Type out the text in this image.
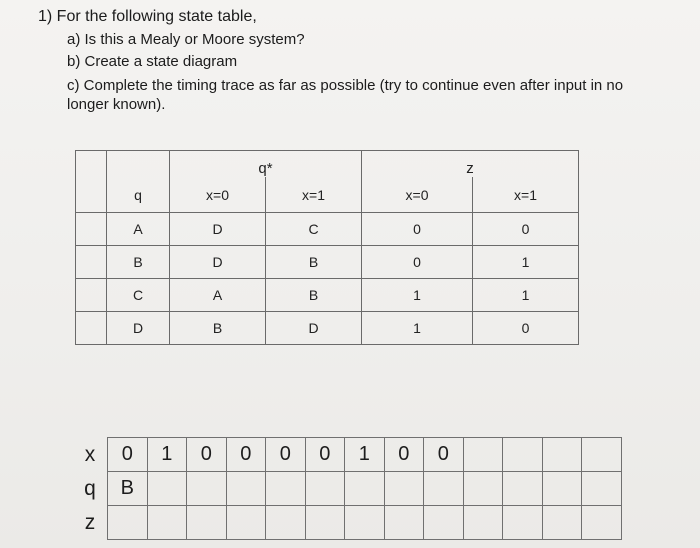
1) For the following state table,
a) Is this a Mealy or Moore system?
b) Create a state diagram
c) Complete the timing trace as far as possible (try to continue even after input in no longer known).
		q*		z	
	q	x=0	x=1	x=0	x=1
	A	D	C	0	0
	B	D	B	0	1
	C	A	B	1	1
	D	B	D	1	0
x	0	1	0	0	0	0	1	0	0				
q	B												
z													
